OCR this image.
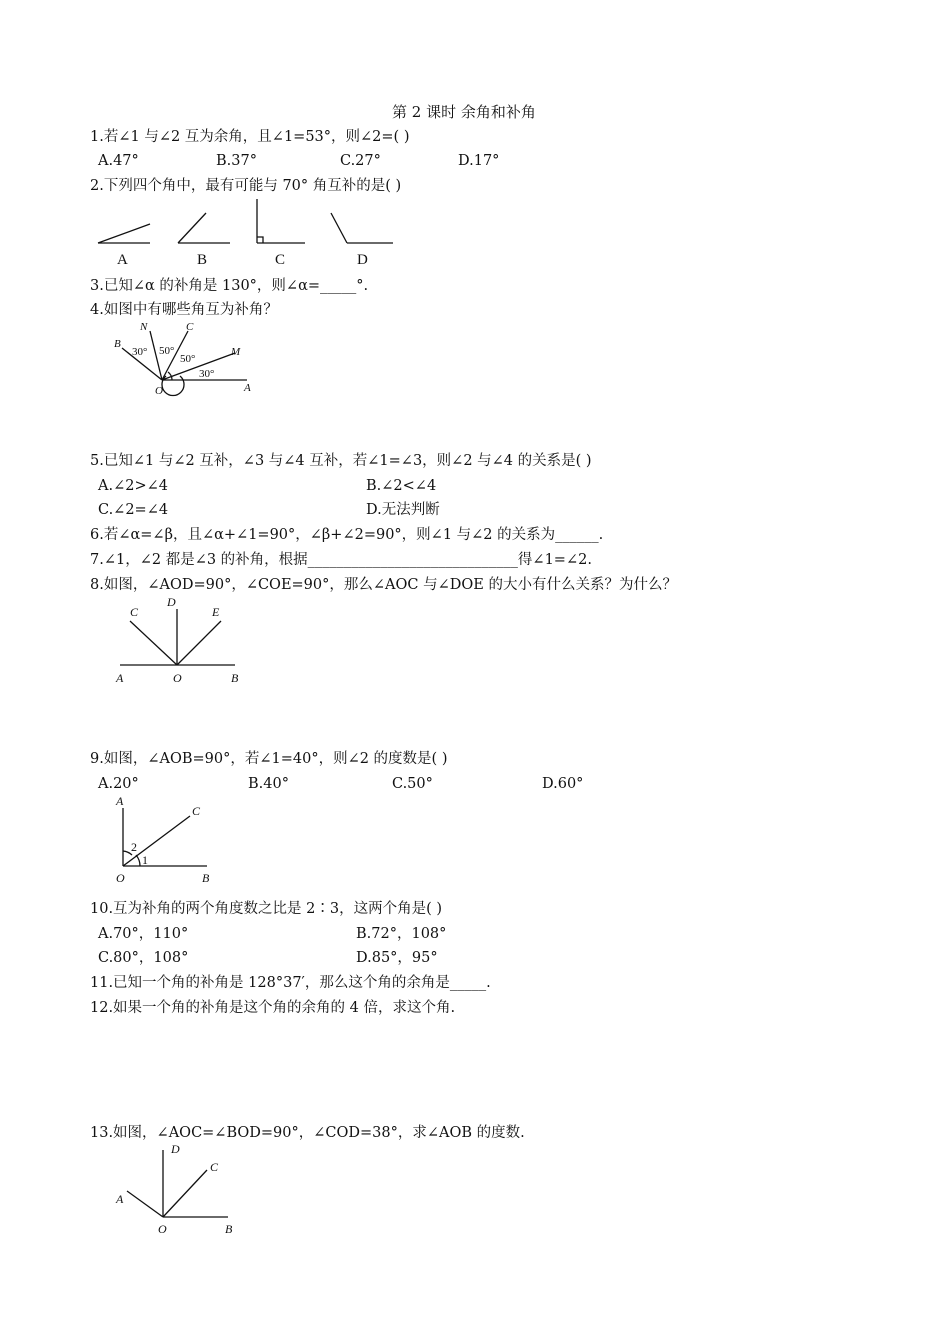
第 2 课时 余角和补角
1.若∠1 与∠2 互为余角，且∠1=53°，则∠2=( )
A.47°	B.37°	C.27°	D.17°
2.下列四个角中，最有可能与 70° 角互补的是( )
3.已知∠α 的补角是 130°，则∠α=_____°.
4.如图中有哪些角互为补角？
5.已知∠1 与∠2 互补，∠3 与∠4 互补，若∠1=∠3，则∠2 与∠4 的关系是( )
A.∠2>∠4	B.∠2<∠4
C.∠2=∠4	D.无法判断
6.若∠α=∠β，且∠α+∠1=90°，∠β+∠2=90°，则∠1 与∠2 的关系为______.
7.∠1，∠2 都是∠3 的补角，根据_____________________________得∠1=∠2.
8.如图，∠AOD=90°，∠COE=90°，那么∠AOC 与∠DOE 的大小有什么关系？为什么？
9.如图，∠AOB=90°，若∠1=40°，则∠2 的度数是( )
A.20°	B.40°	C.50°	D.60°
10.互为补角的两个角度数之比是 2∶3，这两个角是( )
A.70°，110°	B.72°，108°
C.80°，108°	D.85°，95°
11.已知一个角的补角是 128°37′，那么这个角的余角是_____.
12.如果一个角的补角是这个角的余角的 4 倍，求这个角.
13.如图，∠AOC=∠BOD=90°，∠COD=38°，求∠AOB 的度数.
A	B	C	D
B
N	C
M
O	A
30° 50°
50°
30°
C
D
E
A	O	B
A
C
2
1
O	B
D
C
A
O	B
